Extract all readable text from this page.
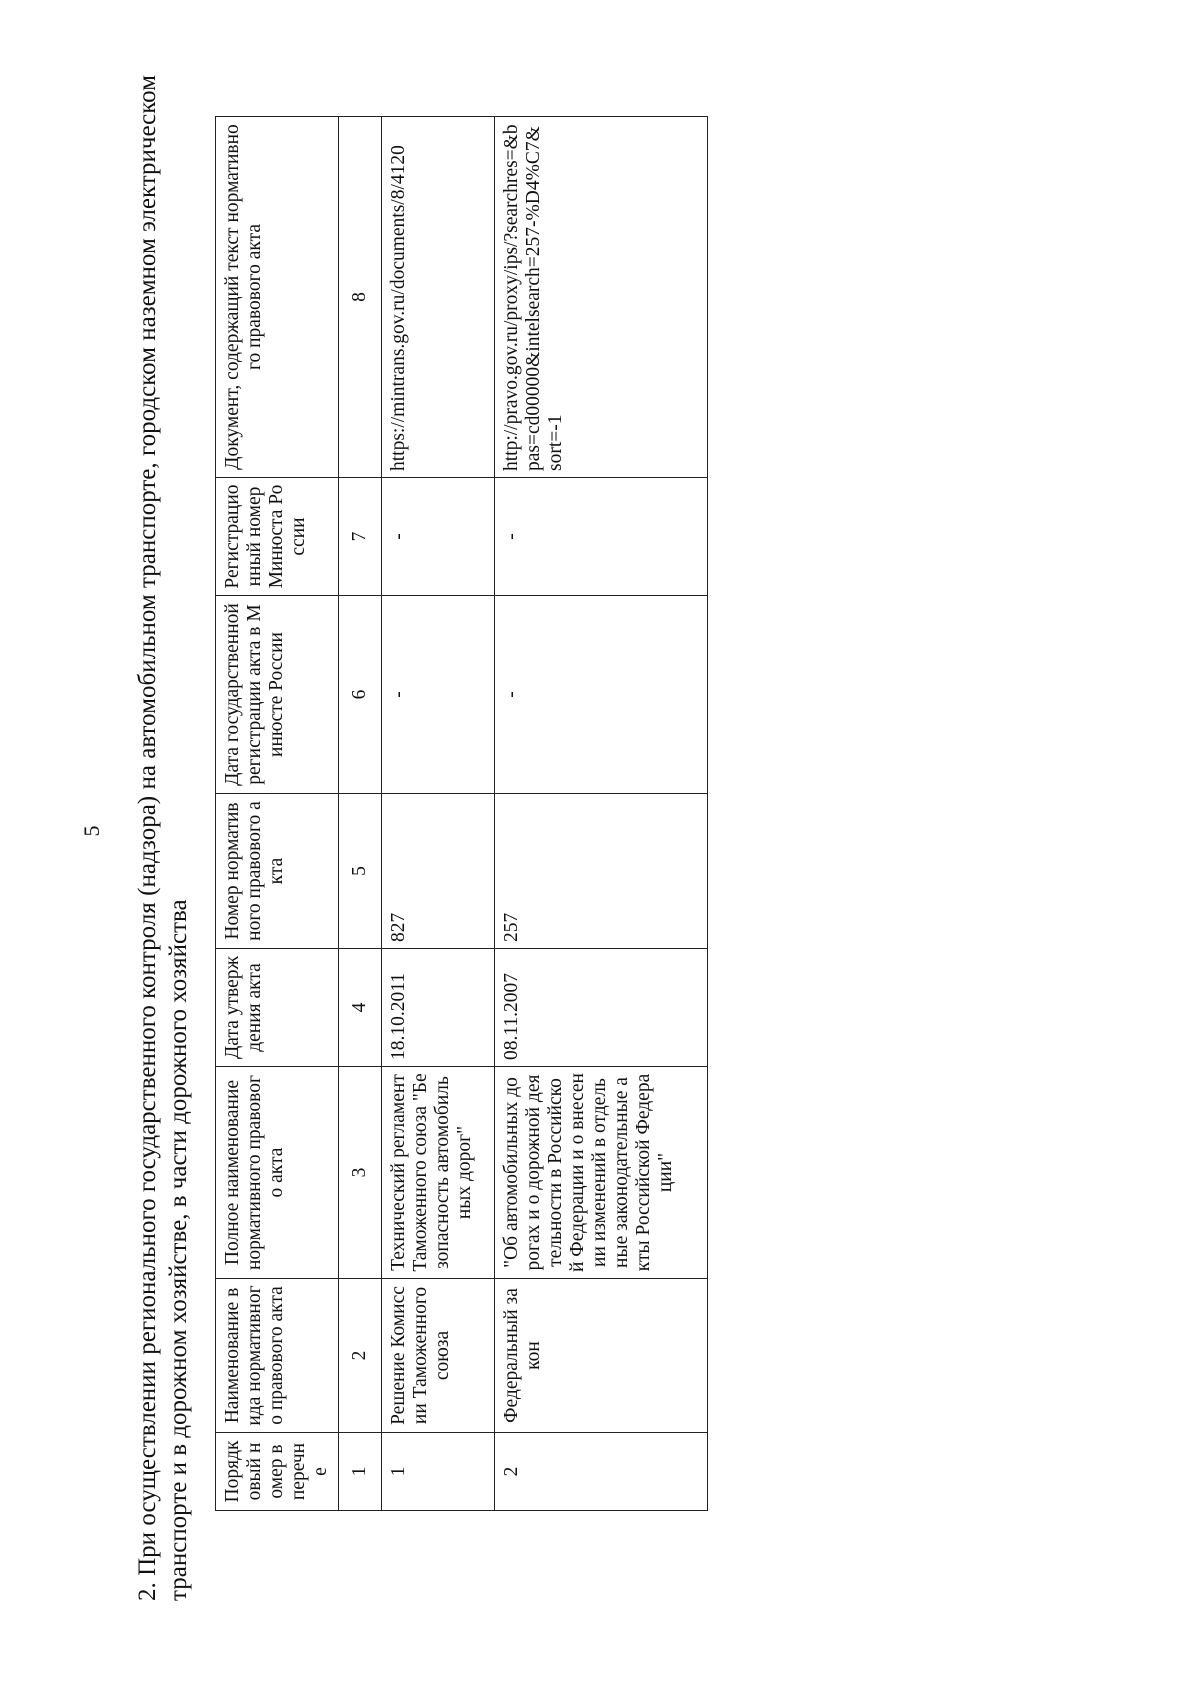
5 2. При осуществлении регионального государственного контроля (надзора) на автомобильном транспорте, городском наземном электрическом транспорте и в дорожном хозяйстве, в части дорожного хозяйства Порядковый номер в перечне	Наименование вида нормативного правового акта	Полное наименование нормативного правового акта	Дата утверждения акта	Номер нормативного правового акта	Дата государственной регистрации акта в Минюсте России	Регистрационный номер Минюста России	Документ, содержащий текст нормативного правового акта
1	2	3	4	5	6	7	8
1	Решение Комиссии Таможенного союза	Технический регламент Таможенного союза "Безопасность автомобильных дорог"	18.10.2011	827	-	-	https://mintrans.gov.ru/documents/8/4120
2	Федеральный закон	"Об автомобильных дорогах и о дорожной деятельности в Российской Федерации и о внесении изменений в отдельные законодательные акты Российской Федерации"	08.11.2007	257	-	-	http://pravo.gov.ru/proxy/ips/?searchres=&bpas=cd00000&intelsearch=257-%D4%C7&sort=-1
